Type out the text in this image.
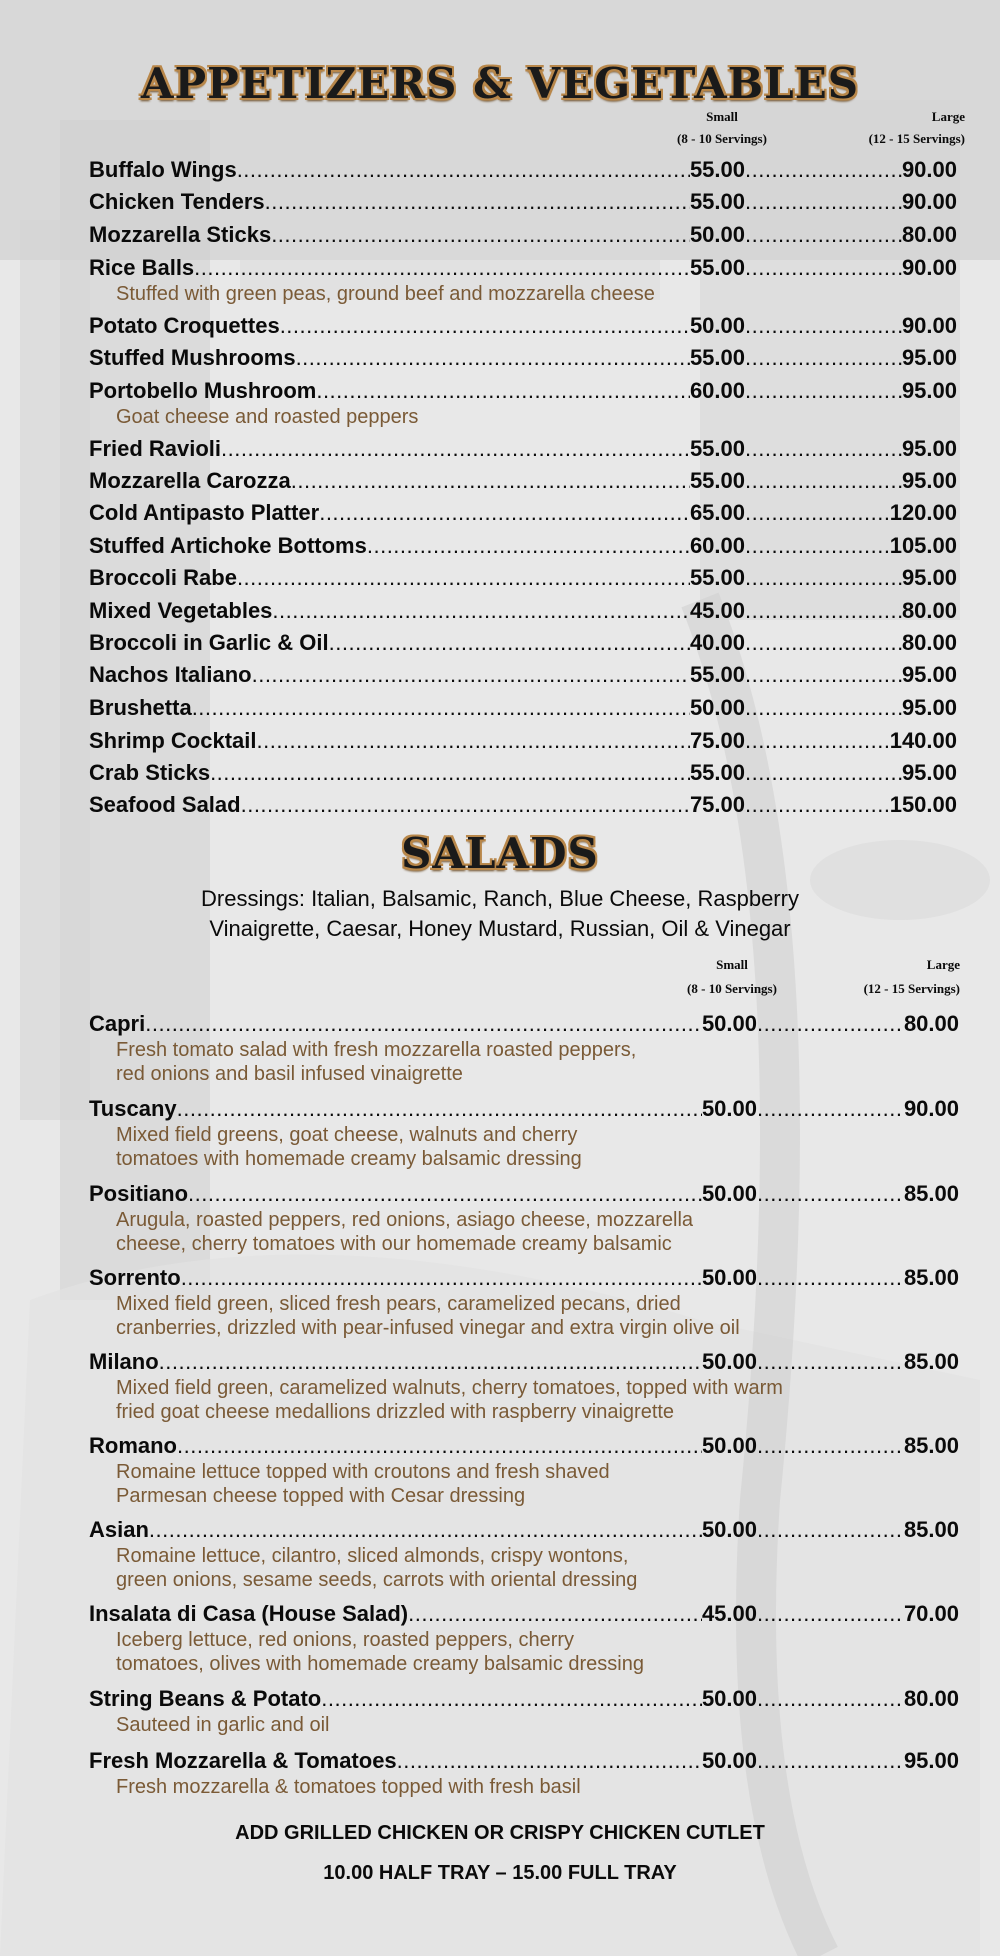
APPETIZERS & VEGETABLES
Small
(8 - 10 Servings)
Large
(12 - 15 Servings)
Buffalo Wings .....	55.00 .....	90.00
Chicken Tenders .....	55.00 .....	90.00
Mozzarella Sticks .....	50.00 .....	80.00
Rice Balls .....	55.00 .....	90.00
Stuffed with green peas, ground beef and mozzarella cheese
Potato Croquettes .....	50.00 .....	90.00
Stuffed Mushrooms .....	55.00 .....	95.00
Portobello Mushroom .....	60.00 .....	95.00
Goat cheese and roasted peppers
Fried Ravioli .....	55.00 .....	95.00
Mozzarella Carozza .....	55.00 .....	95.00
Cold Antipasto Platter .....	65.00 .....	120.00
Stuffed Artichoke Bottoms .....	60.00 .....	105.00
Broccoli Rabe .....	55.00 .....	95.00
Mixed Vegetables .....	45.00 .....	80.00
Broccoli in Garlic & Oil .....	40.00 .....	80.00
Nachos Italiano .....	55.00 .....	95.00
Brushetta .....	50.00 .....	95.00
Shrimp Cocktail .....	75.00 .....	140.00
Crab Sticks .....	55.00 .....	95.00
Seafood Salad .....	75.00 .....	150.00
SALADS
Dressings: Italian, Balsamic, Ranch, Blue Cheese, Raspberry
Vinaigrette, Caesar, Honey Mustard, Russian, Oil & Vinegar
Small
(8 - 10 Servings)
Large
(12 - 15 Servings)
Capri .....	50.00 .....	80.00
Fresh tomato salad with fresh mozzarella roasted peppers,
red onions and basil infused vinaigrette
Tuscany .....	50.00 .....	90.00
Mixed field greens, goat cheese, walnuts and cherry
tomatoes with homemade creamy balsamic dressing
Positiano .....	50.00 .....	85.00
Arugula, roasted peppers, red onions, asiago cheese, mozzarella
cheese, cherry tomatoes with our homemade creamy balsamic
Sorrento .....	50.00 .....	85.00
Mixed field green, sliced fresh pears, caramelized pecans, dried
cranberries, drizzled with pear-infused vinegar and extra virgin olive oil
Milano .....	50.00 .....	85.00
Mixed field green, caramelized walnuts, cherry tomatoes, topped with warm
fried goat cheese medallions drizzled with raspberry vinaigrette
Romano .....	50.00 .....	85.00
Romaine lettuce topped with croutons and fresh shaved
Parmesan cheese topped with Cesar dressing
Asian .....	50.00 .....	85.00
Romaine lettuce, cilantro, sliced almonds, crispy wontons,
green onions, sesame seeds, carrots with oriental dressing
Insalata di Casa (House Salad) .....	45.00 .....	70.00
Iceberg lettuce, red onions, roasted peppers, cherry
tomatoes, olives with homemade creamy balsamic dressing
String Beans & Potato .....	50.00 .....	80.00
Sauteed in garlic and oil
Fresh Mozzarella & Tomatoes .....	50.00 .....	95.00
Fresh mozzarella & tomatoes topped with fresh basil
ADD GRILLED CHICKEN OR CRISPY CHICKEN CUTLET
10.00 HALF TRAY – 15.00 FULL TRAY
